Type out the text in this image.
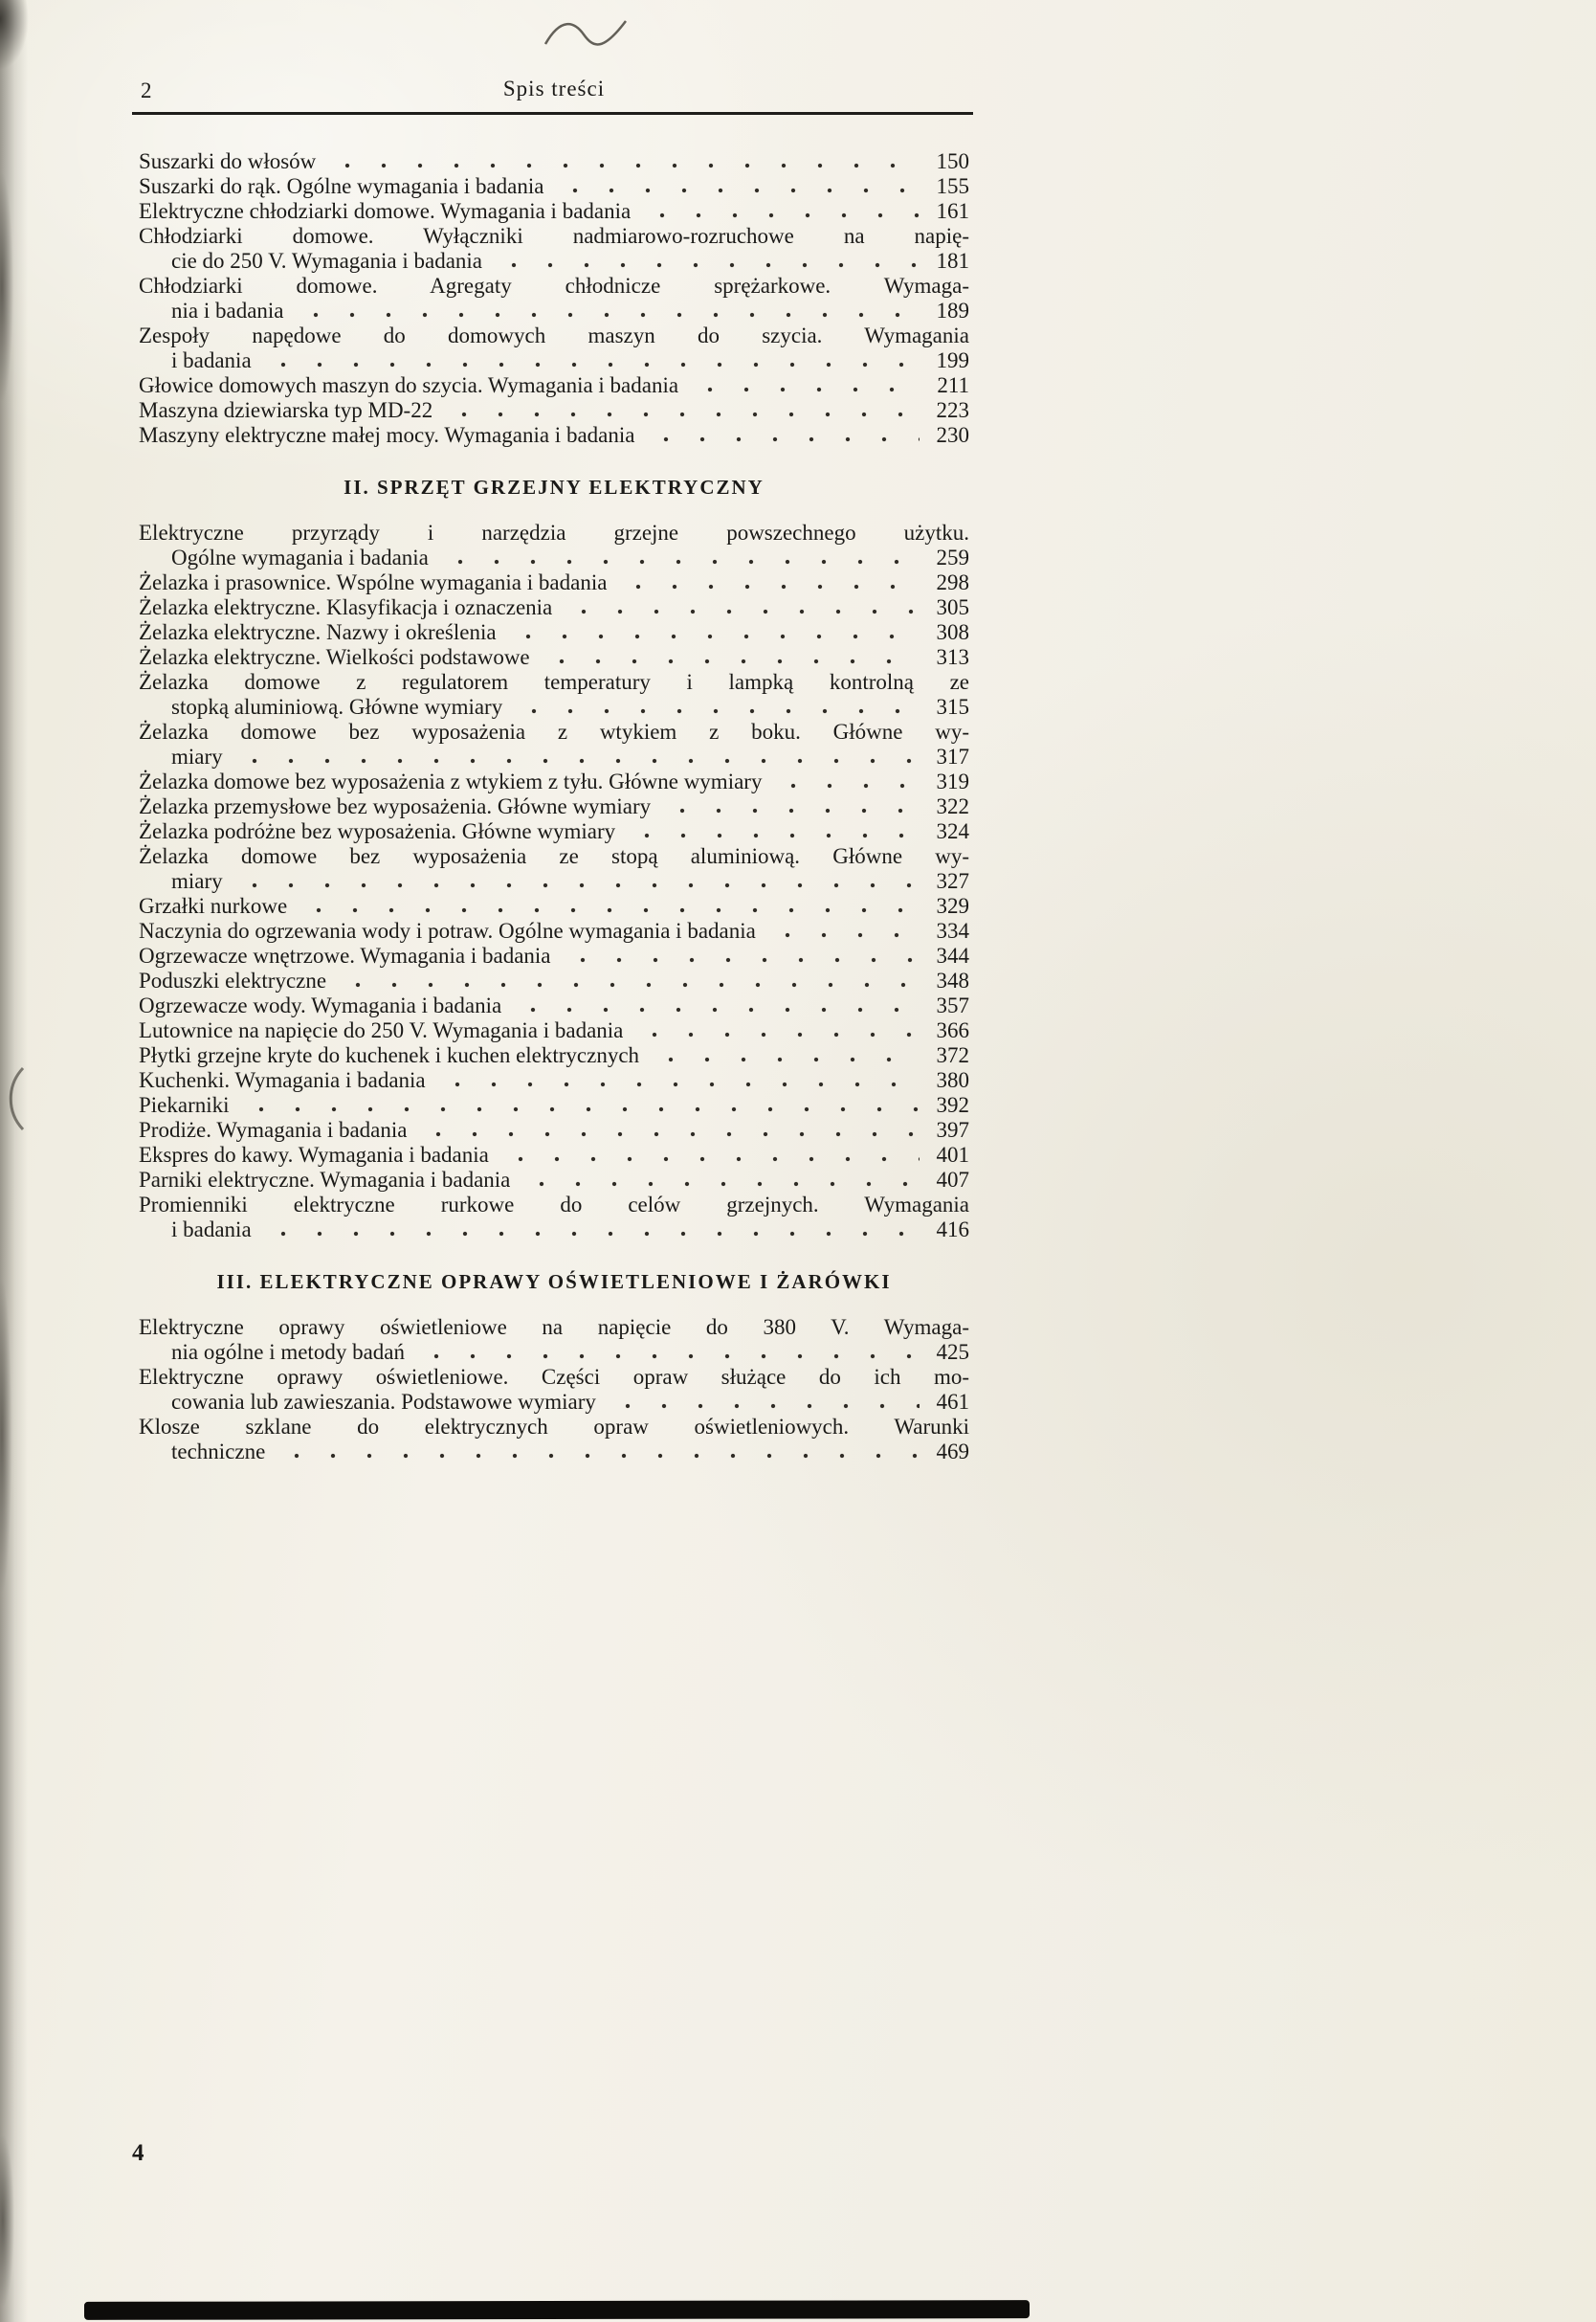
2	Spis treści
Suszarki do włosów	150
Suszarki do rąk. Ogólne wymagania i badania	155
Elektryczne chłodziarki domowe. Wymagania i badania	161
Chłodziarki domowe. Wyłączniki nadmiarowo-rozruchowe na napię-
cie do 250 V. Wymagania i badania	181
Chłodziarki domowe. Agregaty chłodnicze sprężarkowe. Wymaga-
nia i badania	189
Zespoły napędowe do domowych maszyn do szycia. Wymagania
i badania	199
Głowice domowych maszyn do szycia. Wymagania i badania	211
Maszyna dziewiarska typ MD-22	223
Maszyny elektryczne małej mocy. Wymagania i badania	230
II. SPRZĘT GRZEJNY ELEKTRYCZNY
Elektryczne przyrządy i narzędzia grzejne powszechnego użytku.
Ogólne wymagania i badania	259
Żelazka i prasownice. Wspólne wymagania i badania	298
Żelazka elektryczne. Klasyfikacja i oznaczenia	305
Żelazka elektryczne. Nazwy i określenia	308
Żelazka elektryczne. Wielkości podstawowe	313
Żelazka domowe z regulatorem temperatury i lampką kontrolną ze
stopką aluminiową. Główne wymiary	315
Żelazka domowe bez wyposażenia z wtykiem z boku. Główne wy-
miary	317
Żelazka domowe bez wyposażenia z wtykiem z tyłu. Główne wymiary	319
Żelazka przemysłowe bez wyposażenia. Główne wymiary	322
Żelazka podróżne bez wyposażenia. Główne wymiary	324
Żelazka domowe bez wyposażenia ze stopą aluminiową. Główne wy-
miary	327
Grzałki nurkowe	329
Naczynia do ogrzewania wody i potraw. Ogólne wymagania i badania	334
Ogrzewacze wnętrzowe. Wymagania i badania	344
Poduszki elektryczne	348
Ogrzewacze wody. Wymagania i badania	357
Lutownice na napięcie do 250 V. Wymagania i badania	366
Płytki grzejne kryte do kuchenek i kuchen elektrycznych	372
Kuchenki. Wymagania i badania	380
Piekarniki	392
Prodiże. Wymagania i badania	397
Ekspres do kawy. Wymagania i badania	401
Parniki elektryczne. Wymagania i badania	407
Promienniki elektryczne rurkowe do celów grzejnych. Wymagania
i badania	416
III. ELEKTRYCZNE OPRAWY OŚWIETLENIOWE I ŻARÓWKI
Elektryczne oprawy oświetleniowe na napięcie do 380 V. Wymaga-
nia ogólne i metody badań	425
Elektryczne oprawy oświetleniowe. Części opraw służące do ich mo-
cowania lub zawieszania. Podstawowe wymiary	461
Klosze szklane do elektrycznych opraw oświetleniowych. Warunki
techniczne	469
4
